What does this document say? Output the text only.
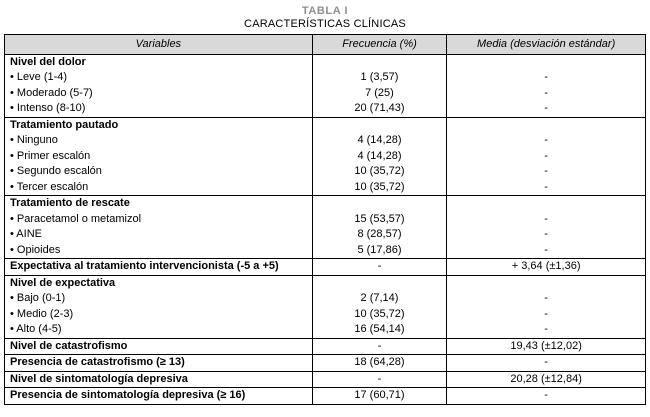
TABLA I
CARACTERÍSTICAS CLÍNICAS
Variables	Frecuencia (%)	Media (desviación estándar)
Nivel del dolor		
• Leve (1-4)	1 (3,57)	-
• Moderado (5-7)	7 (25)	-
• Intenso (8-10)	20 (71,43)	-
Tratamiento pautado		
• Ninguno	4 (14,28)	-
• Primer escalón	4 (14,28)	-
• Segundo escalón	10 (35,72)	-
• Tercer escalón	10 (35,72)	-
Tratamiento de rescate		
• Paracetamol o metamizol	15 (53,57)	-
• AINE	8 (28,57)	-
• Opioides	5 (17,86)	-
Expectativa al tratamiento intervencionista (-5 a +5)	-	+ 3,64 (±1,36)
Nivel de expectativa		
• Bajo (0-1)	2 (7,14)	-
• Medio (2-3)	10 (35,72)	-
• Alto (4-5)	16 (54,14)	-
Nivel de catastrofismo	-	19,43 (±12,02)
Presencia de catastrofismo (≥ 13)	18 (64,28)	-
Nivel de sintomatología depresiva	-	20,28 (±12,84)
Presencia de sintomatología depresiva (≥ 16)	17 (60,71)	-
